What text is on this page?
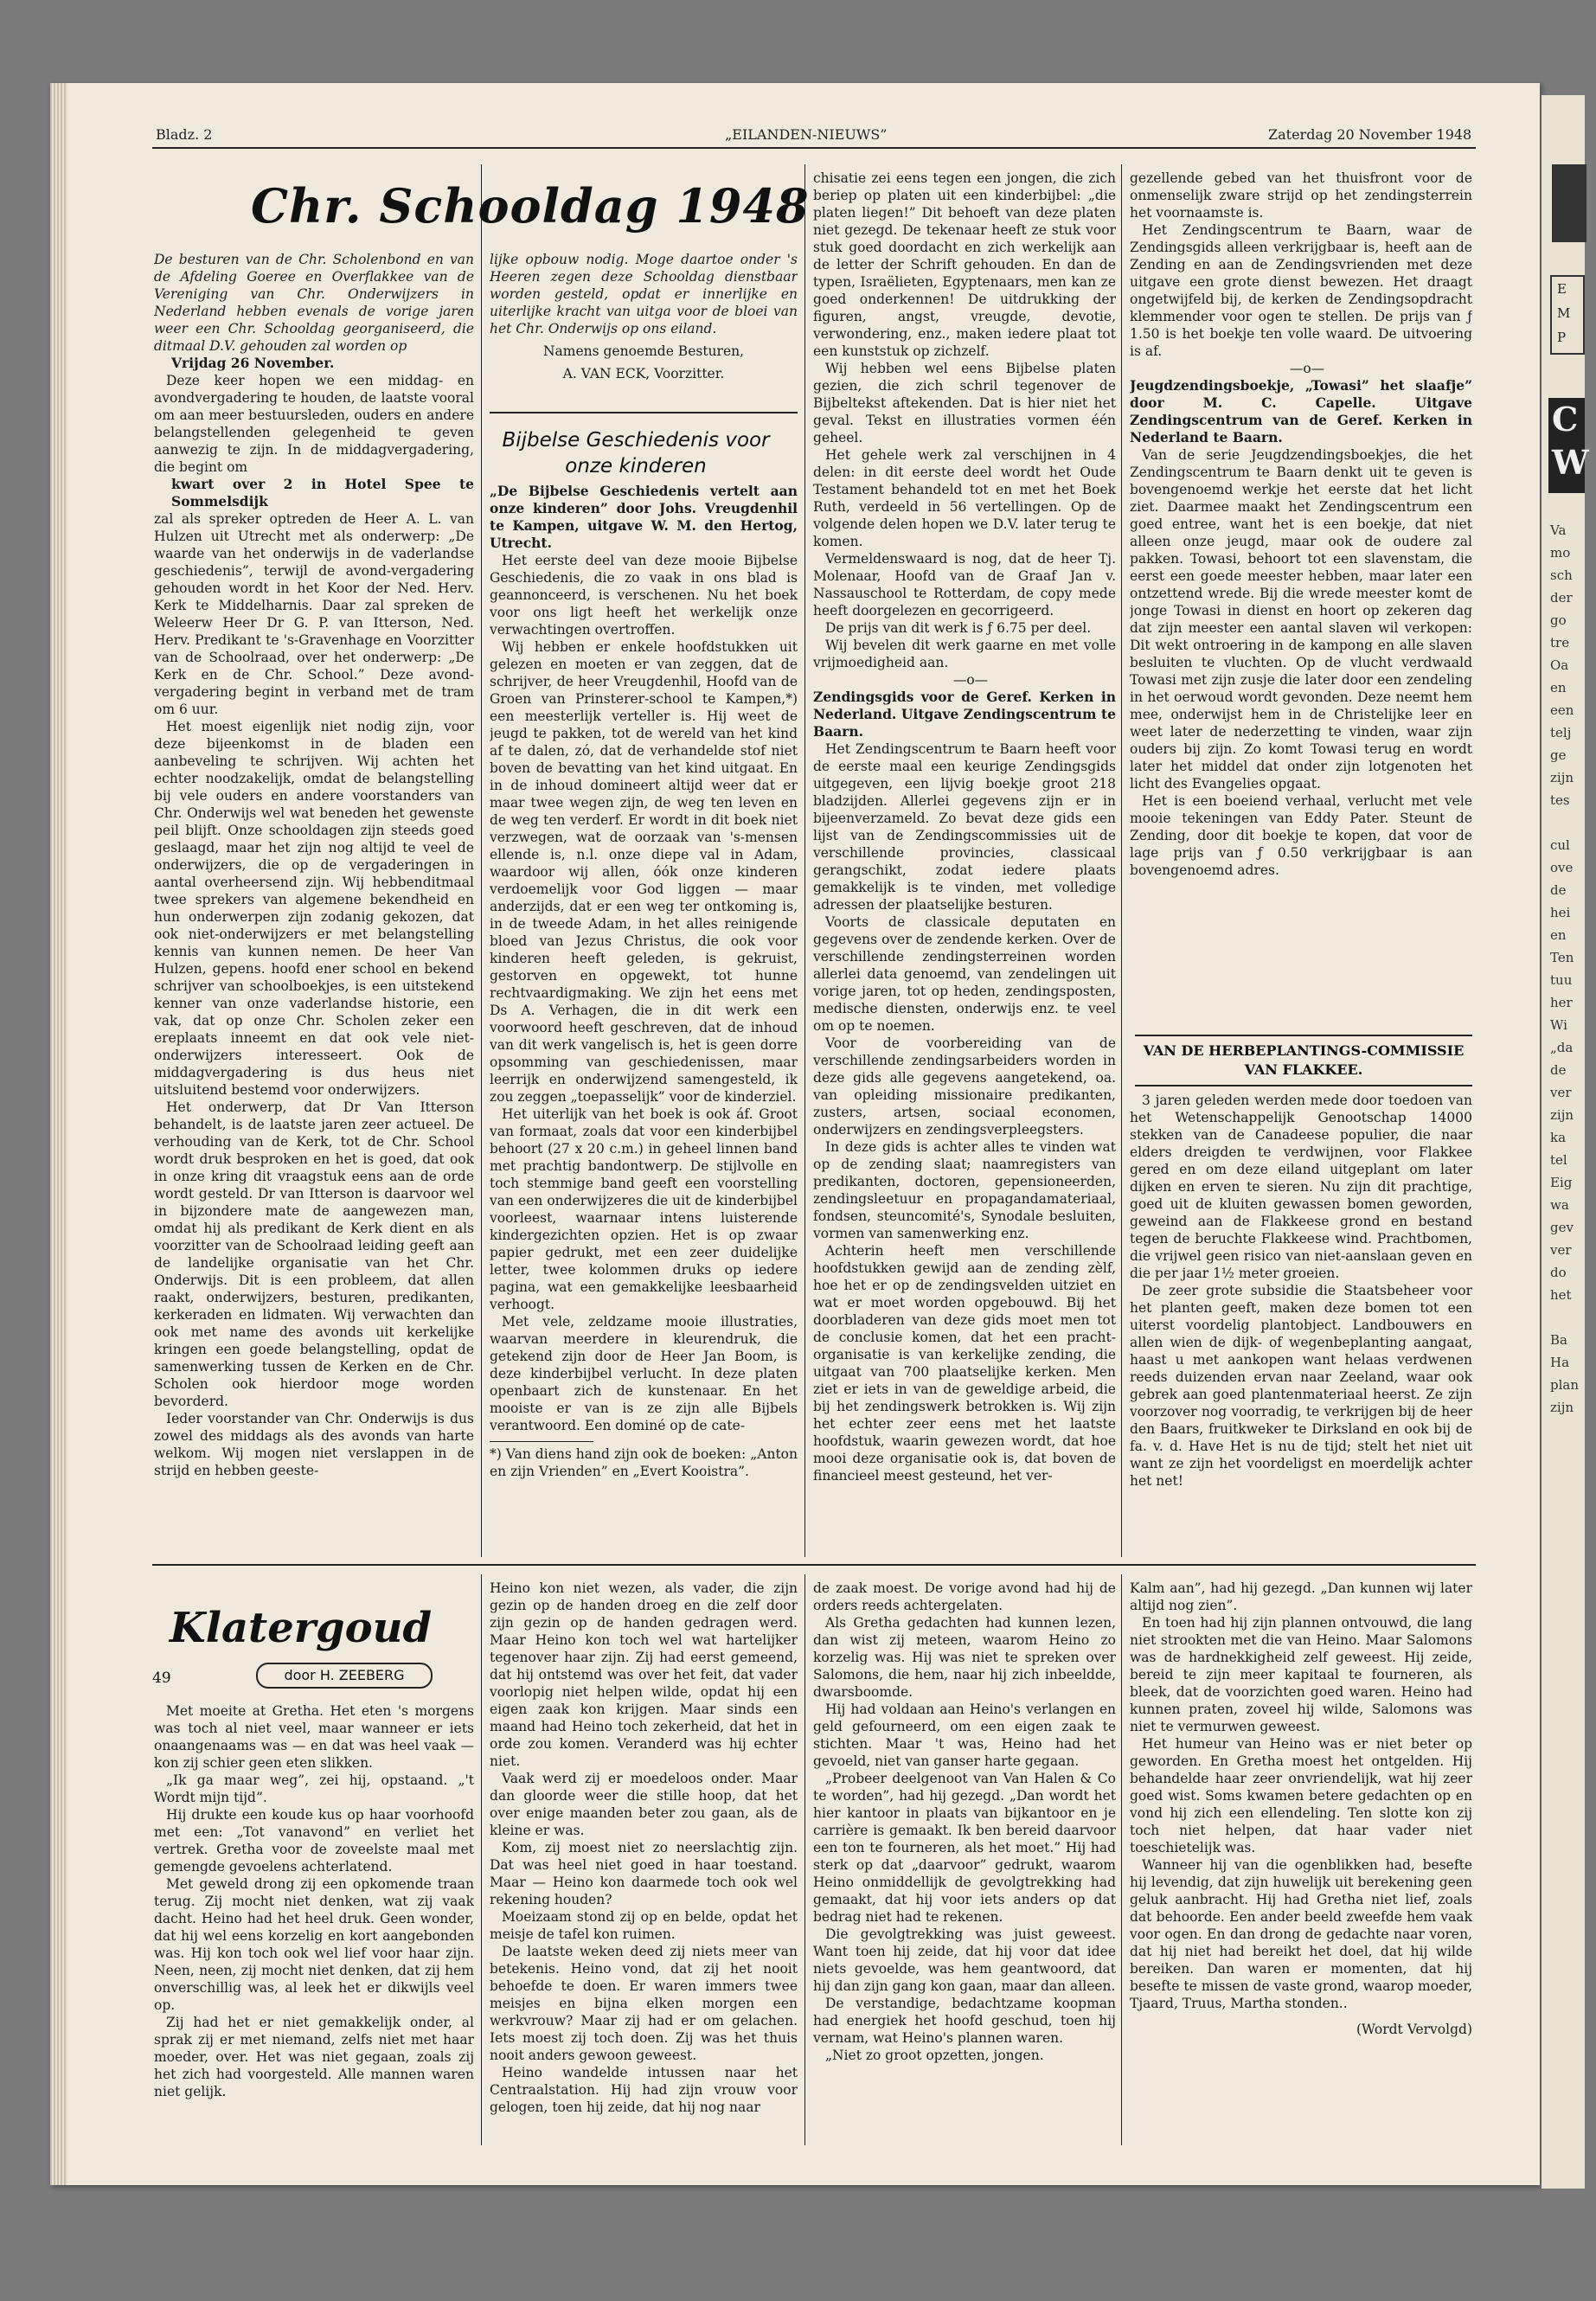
E
M
P
C
W
Va
mo
sch
der
go
tre
Oa
en
een
telj
ge
zijn
tes

cul
ove
de
hei
en
Ten
tuu
her
Wi
„da
de
ver
zijn
ka
tel
Eig
wa
gev
ver
do
het

Ba
Ha
plan
zijn
Bladz. 2	„EILANDEN-NIEUWS”	Zaterdag 20 November 1948
Chr. Schooldag 1948

De besturen van de Chr. Scholenbond en van de Afdeling Goeree en Overflakkee van de Vereniging van Chr. Onderwijzers in Nederland hebben evenals de vorige jaren weer een Chr. Schooldag georganiseerd, die ditmaal D.V. gehouden zal worden op

Vrijdag 26 November.

Deze keer hopen we een middag- en avondvergadering te houden, de laatste vooral om aan meer bestuursleden, ouders en andere belangstellenden gelegenheid te geven aanwezig te zijn. In de middagvergadering, die begint om

kwart over 2 in Hotel Spee te Sommelsdijk

zal als spreker optreden de Heer A. L. van Hulzen uit Utrecht met als onderwerp: „De waarde van het onderwijs in de vaderlandse geschiedenis”, terwijl de avond-vergadering gehouden wordt in het Koor der Ned. Herv. Kerk te Middelharnis. Daar zal spreken de Weleerw Heer Dr G. P. van Itterson, Ned. Herv. Predikant te 's-Gravenhage en Voorzitter van de Schoolraad, over het onderwerp: „De Kerk en de Chr. School.” Deze avond-vergadering begint in verband met de tram om 6 uur.

Het moest eigenlijk niet nodig zijn, voor deze bijeenkomst in de bladen een aanbeveling te schrijven. Wij achten het echter noodzakelijk, omdat de belangstelling bij vele ouders en andere voorstanders van Chr. Onderwijs wel wat beneden het gewenste peil blijft. Onze schooldagen zijn steeds goed geslaagd, maar het zijn nog altijd te veel de onderwijzers, die op de vergaderingen in aantal overheersend zijn. Wij hebbenditmaal twee sprekers van algemene bekendheid en hun onderwerpen zijn zodanig gekozen, dat ook niet-onderwijzers er met belangstelling kennis van kunnen nemen. De heer Van Hulzen, gepens. hoofd ener school en bekend schrijver van schoolboekjes, is een uitstekend kenner van onze vaderlandse historie, een vak, dat op onze Chr. Scholen zeker een ereplaats inneemt en dat ook vele niet-onderwijzers interesseert. Ook de middagvergadering is dus heus niet uitsluitend bestemd voor onderwijzers.

Het onderwerp, dat Dr Van Itterson behandelt, is de laatste jaren zeer actueel. De verhouding van de Kerk, tot de Chr. School wordt druk besproken en het is goed, dat ook in onze kring dit vraagstuk eens aan de orde wordt gesteld. Dr van Itterson is daarvoor wel in bijzondere mate de aangewezen man, omdat hij als predikant de Kerk dient en als voorzitter van de Schoolraad leiding geeft aan de landelijke organisatie van het Chr. Onderwijs. Dit is een probleem, dat allen raakt, onderwijzers, besturen, predikanten, kerkeraden en lidmaten. Wij verwachten dan ook met name des avonds uit kerkelijke kringen een goede belangstelling, opdat de samenwerking tussen de Kerken en de Chr. Scholen ook hierdoor moge worden bevorderd.

Ieder voorstander van Chr. Onderwijs is dus zowel des middags als des avonds van harte welkom. Wij mogen niet verslappen in de strijd en hebben geeste-

lijke opbouw nodig. Moge daartoe onder 's Heeren zegen deze Schooldag dienstbaar worden gesteld, opdat er innerlijke en uiterlijke kracht van uitga voor de bloei van het Chr. Onderwijs op ons eiland.

Namens genoemde Besturen,

A. VAN ECK, Voorzitter.

Bijbelse Geschiedenis voor onze kinderen

„De Bijbelse Geschiedenis vertelt aan onze kinderen” door Johs. Vreugdenhil te Kampen, uitgave W. M. den Hertog, Utrecht.

Het eerste deel van deze mooie Bijbelse Geschiedenis, die zo vaak in ons blad is geannonceerd, is verschenen. Nu het boek voor ons ligt heeft het werkelijk onze verwachtingen overtroffen.

Wij hebben er enkele hoofdstukken uit gelezen en moeten er van zeggen, dat de schrijver, de heer Vreugdenhil, Hoofd van de Groen van Prinsterer-school te Kampen,*) een meesterlijk verteller is. Hij weet de jeugd te pakken, tot de wereld van het kind af te dalen, zó, dat de verhandelde stof niet boven de bevatting van het kind uitgaat. En in de inhoud domineert altijd weer dat er maar twee wegen zijn, de weg ten leven en de weg ten verderf. Er wordt in dit boek niet verzwegen, wat de oorzaak van 's-mensen ellende is, n.l. onze diepe val in Adam, waardoor wij allen, óók onze kinderen verdoemelijk voor God liggen — maar anderzijds, dat er een weg ter ontkoming is, in de tweede Adam, in het alles reinigende bloed van Jezus Christus, die ook voor kinderen heeft geleden, is gekruist, gestorven en opgewekt, tot hunne rechtvaardigmaking. We zijn het eens met Ds A. Verhagen, die in dit werk een voorwoord heeft geschreven, dat de inhoud van dit werk vangelisch is, het is geen dorre opsomming van geschiedenissen, maar leerrijk en onderwijzend samengesteld, ik zou zeggen „toepasselijk” voor de kinderziel.

Het uiterlijk van het boek is ook áf. Groot van formaat, zoals dat voor een kinderbijbel behoort (27 x 20 c.m.) in geheel linnen band met prachtig bandontwerp. De stijlvolle en toch stemmige band geeft een voorstelling van een onderwijzeres die uit de kinderbijbel voorleest, waarnaar intens luisterende kindergezichten opzien. Het is op zwaar papier gedrukt, met een zeer duidelijke letter, twee kolommen druks op iedere pagina, wat een gemakkelijke leesbaarheid verhoogt.

Met vele, zeldzame mooie illustraties, waarvan meerdere in kleurendruk, die getekend zijn door de Heer Jan Boom, is deze kinderbijbel verlucht. In deze platen openbaart zich de kunstenaar. En het mooiste er van is ze zijn alle Bijbels verantwoord. Een dominé op de cate-

*) Van diens hand zijn ook de boeken: „Anton en zijn Vrienden” en „Evert Kooistra”.

chisatie zei eens tegen een jongen, die zich beriep op platen uit een kinderbijbel: „die platen liegen!” Dit behoeft van deze platen niet gezegd. De tekenaar heeft ze stuk voor stuk goed doordacht en zich werkelijk aan de letter der Schrift gehouden. En dan de typen, Israëlieten, Egyptenaars, men kan ze goed onderkennen! De uitdrukking der figuren, angst, vreugde, devotie, verwondering, enz., maken iedere plaat tot een kunststuk op zichzelf.

Wij hebben wel eens Bijbelse platen gezien, die zich schril tegenover de Bijbeltekst aftekenden. Dat is hier niet het geval. Tekst en illustraties vormen één geheel.

Het gehele werk zal verschijnen in 4 delen: in dit eerste deel wordt het Oude Testament behandeld tot en met het Boek Ruth, verdeeld in 56 vertellingen. Op de volgende delen hopen we D.V. later terug te komen.

Vermeldenswaard is nog, dat de heer Tj. Molenaar, Hoofd van de Graaf Jan v. Nassauschool te Rotterdam, de copy mede heeft doorgelezen en gecorrigeerd.

De prijs van dit werk is ƒ 6.75 per deel.

Wij bevelen dit werk gaarne en met volle vrijmoedigheid aan.

—o—

Zendingsgids voor de Geref. Kerken in Nederland. Uitgave Zendingscentrum te Baarn.

Het Zendingscentrum te Baarn heeft voor de eerste maal een keurige Zendingsgids uitgegeven, een lijvig boekje groot 218 bladzijden. Allerlei gegevens zijn er in bijeenverzameld. Zo bevat deze gids een lijst van de Zendingscommissies uit de verschillende provincies, classicaal gerangschikt, zodat iedere plaats gemakkelijk is te vinden, met volledige adressen der plaatselijke besturen.

Voorts de classicale deputaten en gegevens over de zendende kerken. Over de verschillende zendingsterreinen worden allerlei data genoemd, van zendelingen uit vorige jaren, tot op heden, zendingsposten, medische diensten, onderwijs enz. te veel om op te noemen.

Voor de voorbereiding van de verschillende zendingsarbeiders worden in deze gids alle gegevens aangetekend, oa. van opleiding missionaire predikanten, zusters, artsen, sociaal economen, onderwijzers en zendingsverpleegsters.

In deze gids is achter alles te vinden wat op de zending slaat; naamregisters van predikanten, doctoren, gepensioneerden, zendingsleetuur en propagandamateriaal, fondsen, steuncomité's, Synodale besluiten, vormen van samenwerking enz.

Achterin heeft men verschillende hoofdstukken gewijd aan de zending zèlf, hoe het er op de zendingsvelden uitziet en wat er moet worden opgebouwd. Bij het doorbladeren van deze gids moet men tot de conclusie komen, dat het een pracht-organisatie is van kerkelijke zending, die uitgaat van 700 plaatselijke kerken. Men ziet er iets in van de geweldige arbeid, die bij het zendingswerk betrokken is. Wij zijn het echter zeer eens met het laatste hoofdstuk, waarin gewezen wordt, dat hoe mooi deze organisatie ook is, dat boven de financieel meest gesteund, het ver-

gezellende gebed van het thuisfront voor de onmenselijk zware strijd op het zendingsterrein het voornaamste is.

Het Zendingscentrum te Baarn, waar de Zendingsgids alleen verkrijgbaar is, heeft aan de Zending en aan de Zendingsvrienden met deze uitgave een grote dienst bewezen. Het draagt ongetwijfeld bij, de kerken de Zendingsopdracht klemmender voor ogen te stellen. De prijs van ƒ 1.50 is het boekje ten volle waard. De uitvoering is af.

—o—

Jeugdzendingsboekje, „Towasi” het slaafje” door M. C. Capelle. Uitgave Zendingscentrum van de Geref. Kerken in Nederland te Baarn.

Van de serie Jeugdzendingsboekjes, die het Zendingscentrum te Baarn denkt uit te geven is bovengenoemd werkje het eerste dat het licht ziet. Daarmee maakt het Zendingscentrum een goed entree, want het is een boekje, dat niet alleen onze jeugd, maar ook de oudere zal pakken. Towasi, behoort tot een slavenstam, die eerst een goede meester hebben, maar later een ontzettend wrede. Bij die wrede meester komt de jonge Towasi in dienst en hoort op zekeren dag dat zijn meester een aantal slaven wil verkopen: Dit wekt ontroering in de kampong en alle slaven besluiten te vluchten. Op de vlucht verdwaald Towasi met zijn zusje die later door een zendeling in het oerwoud wordt gevonden. Deze neemt hem mee, onderwijst hem in de Christelijke leer en weet later de nederzetting te vinden, waar zijn ouders bij zijn. Zo komt Towasi terug en wordt later het middel dat onder zijn lotgenoten het licht des Evangelies opgaat.

Het is een boeiend verhaal, verlucht met vele mooie tekeningen van Eddy Pater. Steunt de Zending, door dit boekje te kopen, dat voor de lage prijs van ƒ 0.50 verkrijgbaar is aan bovengenoemd adres.

VAN DE HERBEPLANTINGS-COMMISSIE VAN FLAKKEE.

3 jaren geleden werden mede door toedoen van het Wetenschappelijk Genootschap 14000 stekken van de Canadeese populier, die naar elders dreigden te verdwijnen, voor Flakkee gered en om deze eiland uitgeplant om later dijken en erven te sieren. Nu zijn dit prachtige, goed uit de kluiten gewassen bomen geworden, geweind aan de Flakkeese grond en bestand tegen de beruchte Flakkeese wind. Prachtbomen, die vrijwel geen risico van niet-aanslaan geven en die per jaar 1½ meter groeien.

De zeer grote subsidie die Staatsbeheer voor het planten geeft, maken deze bomen tot een uiterst voordelig plantobject. Landbouwers en allen wien de dijk- of wegenbeplanting aangaat, haast u met aankopen want helaas verdwenen reeds duizenden ervan naar Zeeland, waar ook gebrek aan goed plantenmateriaal heerst. Ze zijn voorzover nog voorradig, te verkrijgen bij de heer den Baars, fruitkweker te Dirksland en ook bij de fa. v. d. Have Het is nu de tijd; stelt het niet uit want ze zijn het voordeligst en moerdelijk achter het net!

Klatergoud
49	door H. ZEEBERG

Met moeite at Gretha. Het eten 's morgens was toch al niet veel, maar wanneer er iets onaangenaams was — en dat was heel vaak — kon zij schier geen eten slikken.

„Ik ga maar weg”, zei hij, opstaand. „'t Wordt mijn tijd”.

Hij drukte een koude kus op haar voorhoofd met een: „Tot vanavond” en verliet het vertrek. Gretha voor de zoveelste maal met gemengde gevoelens achterlatend.

Met geweld drong zij een opkomende traan terug. Zij mocht niet denken, wat zij vaak dacht. Heino had het heel druk. Geen wonder, dat hij wel eens korzelig en kort aangebonden was. Hij kon toch ook wel lief voor haar zijn. Neen, neen, zij mocht niet denken, dat zij hem onverschillig was, al leek het er dikwijls veel op.

Zij had het er niet gemakkelijk onder, al sprak zij er met niemand, zelfs niet met haar moeder, over. Het was niet gegaan, zoals zij het zich had voorgesteld. Alle mannen waren niet gelijk.

Heino kon niet wezen, als vader, die zijn gezin op de handen droeg en die zelf door zijn gezin op de handen gedragen werd. Maar Heino kon toch wel wat hartelijker tegenover haar zijn. Zij had eerst gemeend, dat hij ontstemd was over het feit, dat vader voorlopig niet helpen wilde, opdat hij een eigen zaak kon krijgen. Maar sinds een maand had Heino toch zekerheid, dat het in orde zou komen. Veranderd was hij echter niet.

Vaak werd zij er moedeloos onder. Maar dan gloorde weer die stille hoop, dat het over enige maanden beter zou gaan, als de kleine er was.

Kom, zij moest niet zo neerslachtig zijn. Dat was heel niet goed in haar toestand. Maar — Heino kon daarmede toch ook wel rekening houden?

Moeizaam stond zij op en belde, opdat het meisje de tafel kon ruimen.

De laatste weken deed zij niets meer van betekenis. Heino vond, dat zij het nooit behoefde te doen. Er waren immers twee meisjes en bijna elken morgen een werkvrouw? Maar zij had er om gelachen. Iets moest zij toch doen. Zij was het thuis nooit anders gewoon geweest.

Heino wandelde intussen naar het Centraalstation. Hij had zijn vrouw voor gelogen, toen hij zeide, dat hij nog naar

de zaak moest. De vorige avond had hij de orders reeds achtergelaten.

Als Gretha gedachten had kunnen lezen, dan wist zij meteen, waarom Heino zo korzelig was. Hij was niet te spreken over Salomons, die hem, naar hij zich inbeeldde, dwarsboomde.

Hij had voldaan aan Heino's verlangen en geld gefourneerd, om een eigen zaak te stichten. Maar 't was, Heino had het gevoeld, niet van ganser harte gegaan.

„Probeer deelgenoot van Van Halen & Co te worden”, had hij gezegd. „Dan wordt het hier kantoor in plaats van bijkantoor en je carrière is gemaakt. Ik ben bereid daarvoor een ton te fourneren, als het moet.” Hij had sterk op dat „daarvoor” gedrukt, waarom Heino onmiddellijk de gevolgtrekking had gemaakt, dat hij voor iets anders op dat bedrag niet had te rekenen.

Die gevolgtrekking was juist geweest. Want toen hij zeide, dat hij voor dat idee niets gevoelde, was hem geantwoord, dat hij dan zijn gang kon gaan, maar dan alleen.

De verstandige, bedachtzame koopman had energiek het hoofd geschud, toen hij vernam, wat Heino's plannen waren.

„Niet zo groot opzetten, jongen.

Kalm aan”, had hij gezegd. „Dan kunnen wij later altijd nog zien”.

En toen had hij zijn plannen ontvouwd, die lang niet strookten met die van Heino. Maar Salomons was de hardnekkigheid zelf geweest. Hij zeide, bereid te zijn meer kapitaal te fourneren, als bleek, dat de voorzichten goed waren. Heino had kunnen praten, zoveel hij wilde, Salomons was niet te vermurwen geweest.

Het humeur van Heino was er niet beter op geworden. En Gretha moest het ontgelden. Hij behandelde haar zeer onvriendelijk, wat hij zeer goed wist. Soms kwamen betere gedachten op en vond hij zich een ellendeling. Ten slotte kon zij toch niet helpen, dat haar vader niet toeschietelijk was.

Wanneer hij van die ogenblikken had, besefte hij levendig, dat zijn huwelijk uit berekening geen geluk aanbracht. Hij had Gretha niet lief, zoals dat behoorde. Een ander beeld zweefde hem vaak voor ogen. En dan drong de gedachte naar voren, dat hij niet had bereikt het doel, dat hij wilde bereiken. Dan waren er momenten, dat hij besefte te missen de vaste grond, waarop moeder, Tjaard, Truus, Martha stonden..

(Wordt Vervolgd)
